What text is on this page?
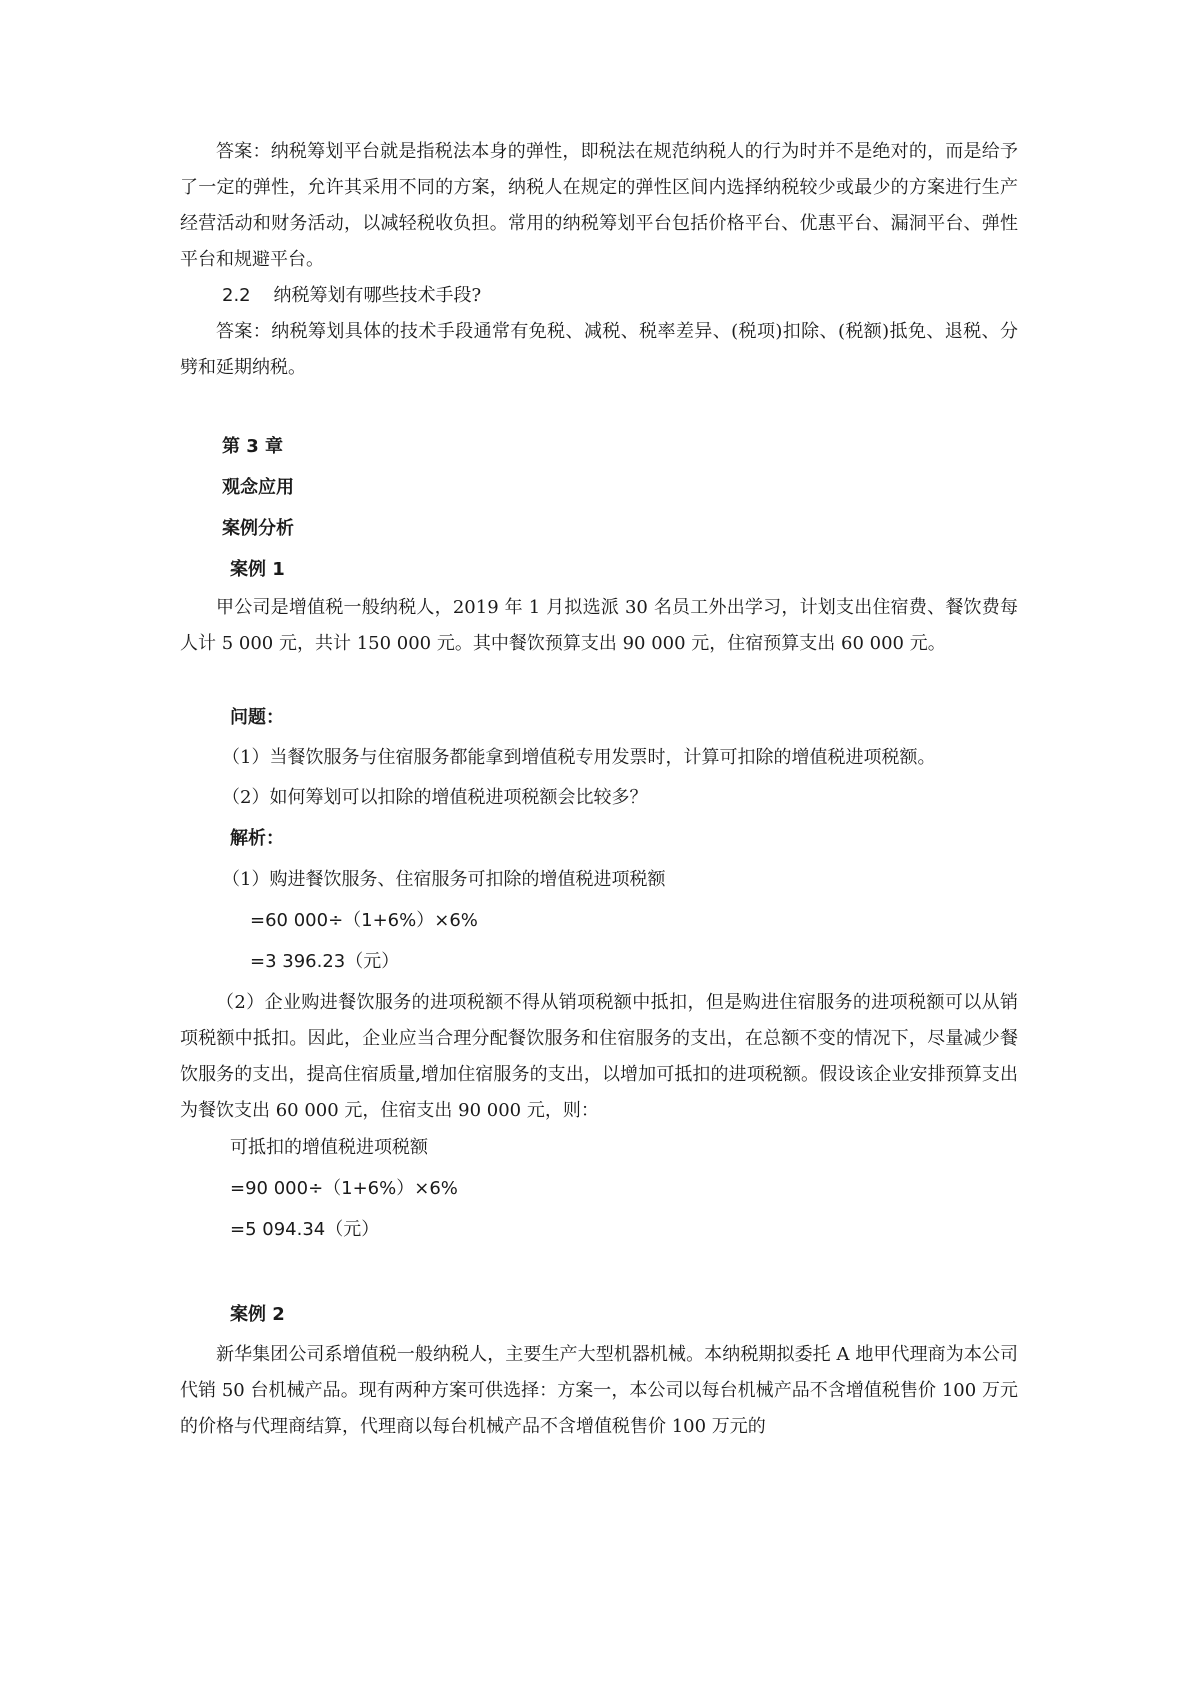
答案：纳税筹划平台就是指税法本身的弹性，即税法在规范纳税人的行为时并不是绝对的，而是给予了一定的弹性，允许其采用不同的方案，纳税人在规定的弹性区间内选择纳税较少或最少的方案进行生产经营活动和财务活动，以减轻税收负担。常用的纳税筹划平台包括价格平台、优惠平台、漏洞平台、弹性平台和规避平台。

2.2 纳税筹划有哪些技术手段?

答案：纳税筹划具体的技术手段通常有免税、减税、税率差异、(税项)扣除、(税额)抵免、退税、分劈和延期纳税。

第 3 章

观念应用

案例分析

案例 1

甲公司是增值税一般纳税人，2019 年 1 月拟选派 30 名员工外出学习，计划支出住宿费、餐饮费每人计 5 000 元，共计 150 000 元。其中餐饮预算支出 90 000 元，住宿预算支出 60 000 元。

问题：

（1）当餐饮服务与住宿服务都能拿到增值税专用发票时，计算可扣除的增值税进项税额。

（2）如何筹划可以扣除的增值税进项税额会比较多？

解析：

（1）购进餐饮服务、住宿服务可扣除的增值税进项税额

=60 000÷（1+6%）×6%

=3 396.23（元）

（2）企业购进餐饮服务的进项税额不得从销项税额中抵扣，但是购进住宿服务的进项税额可以从销项税额中抵扣。因此，企业应当合理分配餐饮服务和住宿服务的支出，在总额不变的情况下，尽量减少餐饮服务的支出，提高住宿质量,增加住宿服务的支出，以增加可抵扣的进项税额。假设该企业安排预算支出为餐饮支出 60 000 元，住宿支出 90 000 元，则：

可抵扣的增值税进项税额

=90 000÷（1+6%）×6%

=5 094.34（元）

案例 2

新华集团公司系增值税一般纳税人，主要生产大型机器机械。本纳税期拟委托 A 地甲代理商为本公司代销 50 台机械产品。现有两种方案可供选择：方案一，本公司以每台机械产品不含增值税售价 100 万元的价格与代理商结算，代理商以每台机械产品不含增值税售价 100 万元的
